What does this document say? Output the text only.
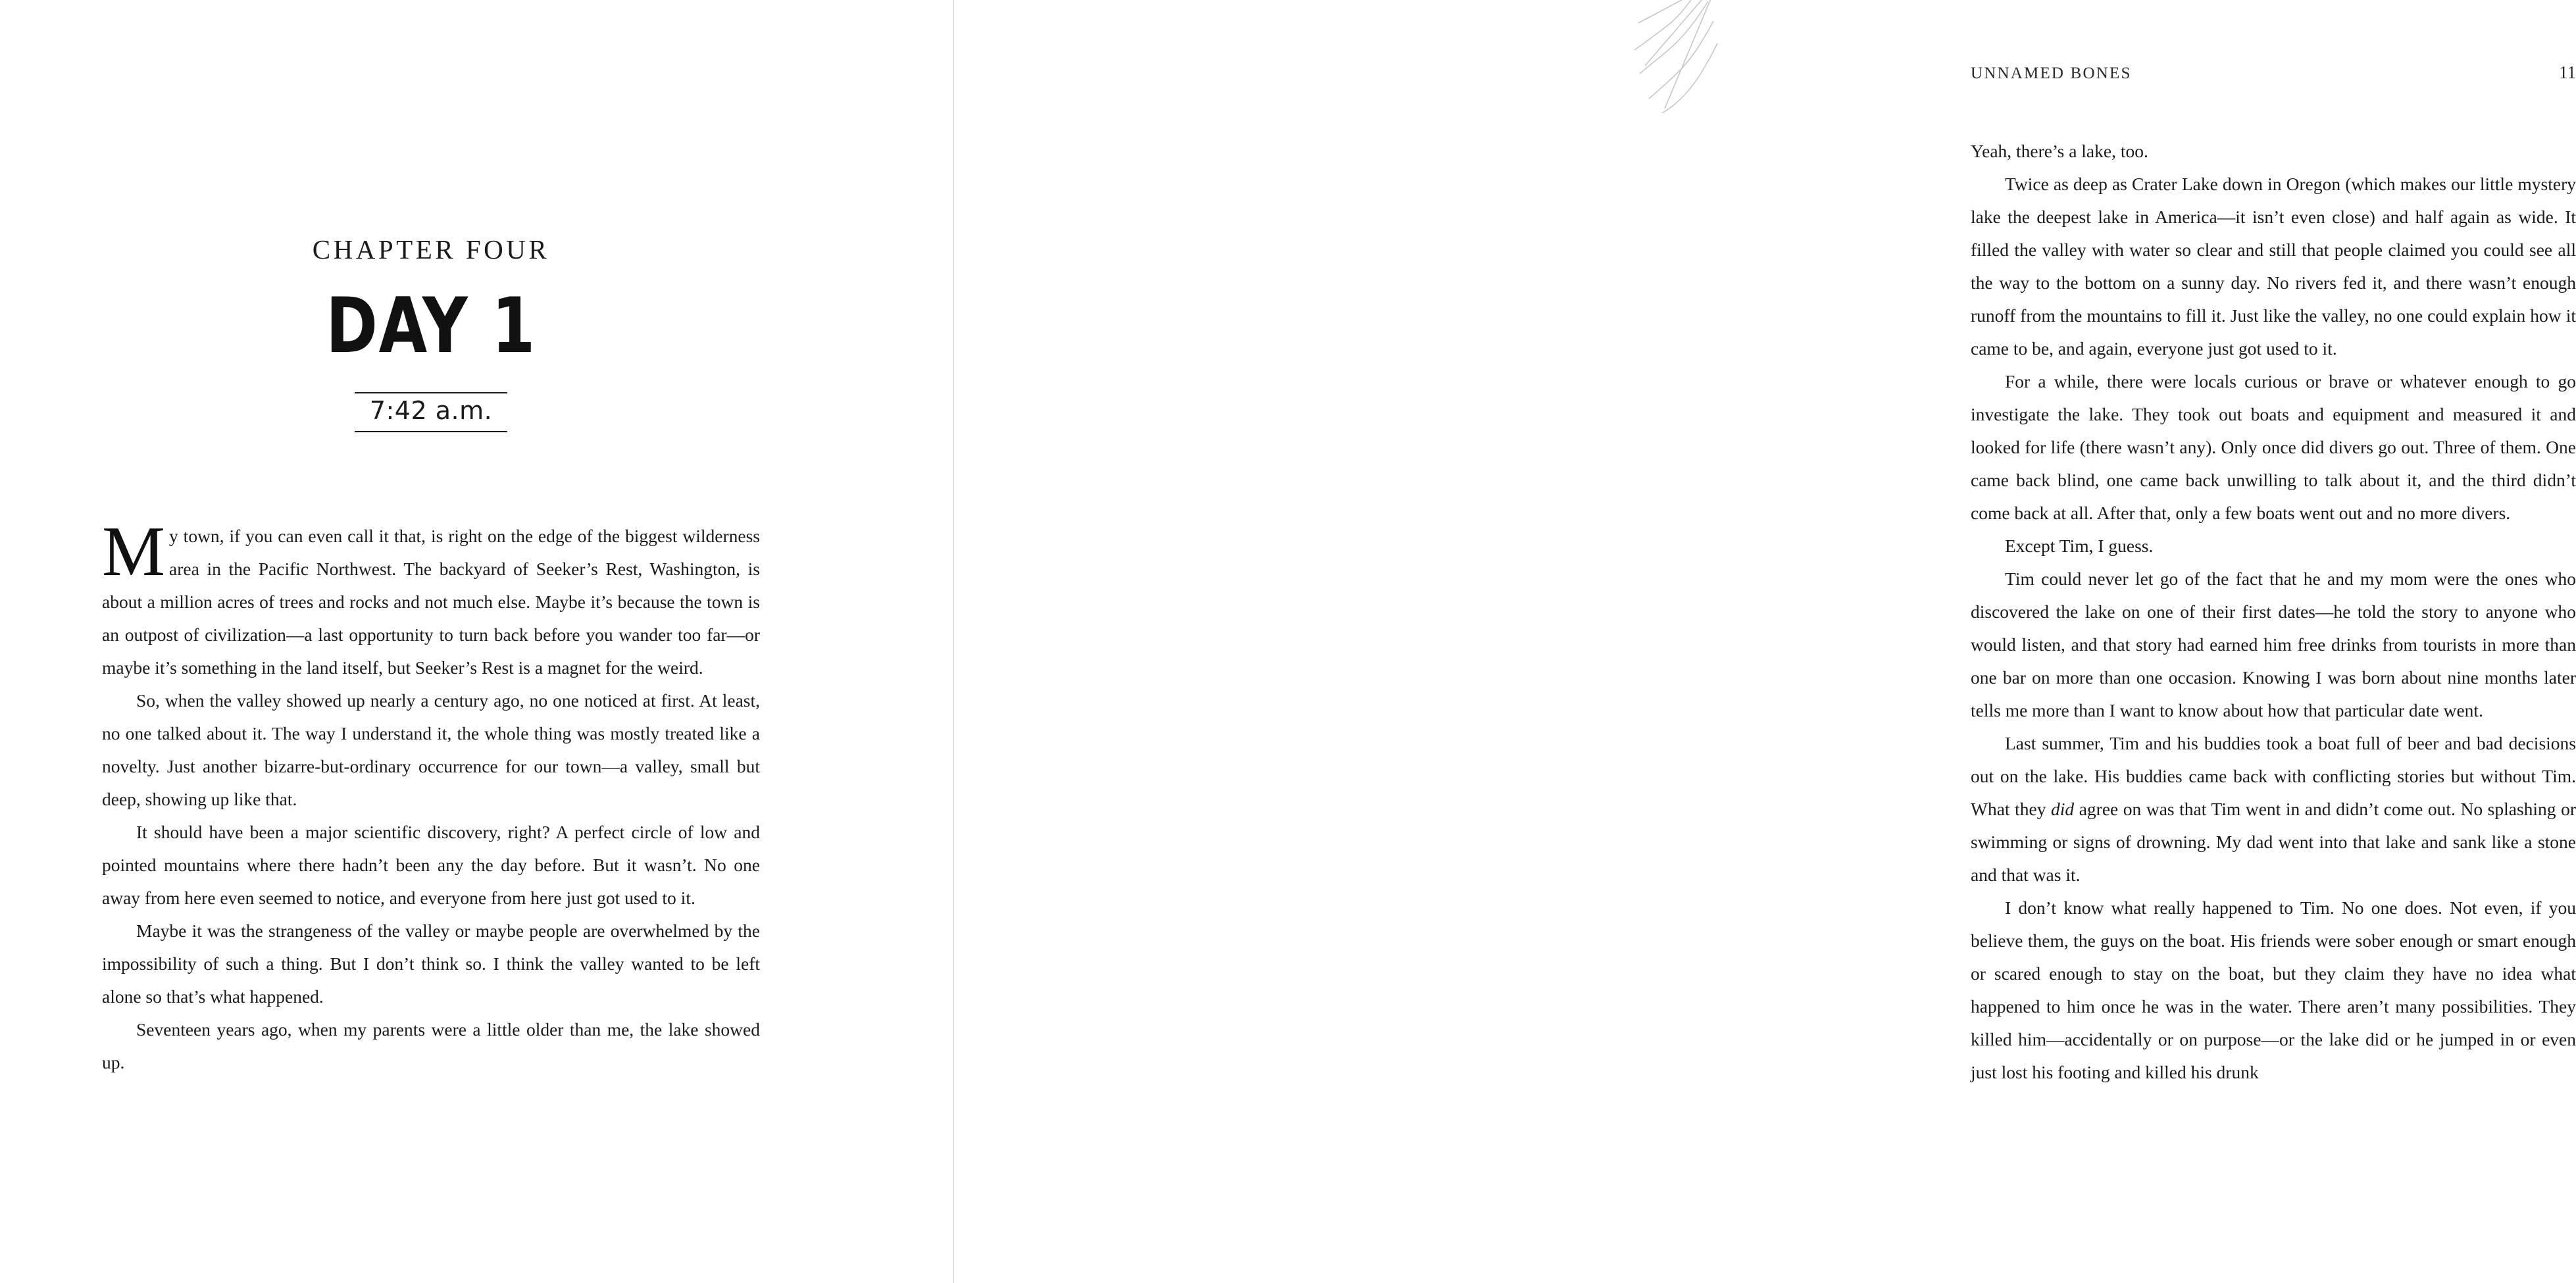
CHAPTER FOUR
DAY 1
7:42 a.m.

My town, if you can even call it that, is right on the edge of the biggest wilderness area in the Pacific Northwest. The backyard of Seeker’s Rest, Washington, is about a million acres of trees and rocks and not much else. Maybe it’s because the town is an outpost of civilization—a last opportunity to turn back before you wander too far—or maybe it’s something in the land itself, but Seeker’s Rest is a magnet for the weird.

So, when the valley showed up nearly a century ago, no one noticed at first. At least, no one talked about it. The way I understand it, the whole thing was mostly treated like a novelty. Just another bizarre-but-ordinary occurrence for our town—a valley, small but deep, showing up like that.

It should have been a major scientific discovery, right? A perfect circle of low and pointed mountains where there hadn’t been any the day before. But it wasn’t. No one away from here even seemed to notice, and everyone from here just got used to it.

Maybe it was the strangeness of the valley or maybe people are overwhelmed by the impossibility of such a thing. But I don’t think so. I think the valley wanted to be left alone so that’s what happened.

Seventeen years ago, when my parents were a little older than me, the lake showed up.

UNNAMED BONES	11

Yeah, there’s a lake, too.

Twice as deep as Crater Lake down in Oregon (which makes our little mystery lake the deepest lake in America—it isn’t even close) and half again as wide. It filled the valley with water so clear and still that people claimed you could see all the way to the bottom on a sunny day. No rivers fed it, and there wasn’t enough runoff from the mountains to fill it. Just like the valley, no one could explain how it came to be, and again, everyone just got used to it.

For a while, there were locals curious or brave or whatever enough to go investigate the lake. They took out boats and equipment and measured it and looked for life (there wasn’t any). Only once did divers go out. Three of them. One came back blind, one came back unwilling to talk about it, and the third didn’t come back at all. After that, only a few boats went out and no more divers.

Except Tim, I guess.

Tim could never let go of the fact that he and my mom were the ones who discovered the lake on one of their first dates—he told the story to anyone who would listen, and that story had earned him free drinks from tourists in more than one bar on more than one occasion. Knowing I was born about nine months later tells me more than I want to know about how that particular date went.

Last summer, Tim and his buddies took a boat full of beer and bad decisions out on the lake. His buddies came back with conflicting stories but without Tim. What they did agree on was that Tim went in and didn’t come out. No splashing or swimming or signs of drowning. My dad went into that lake and sank like a stone and that was it.

I don’t know what really happened to Tim. No one does. Not even, if you believe them, the guys on the boat. His friends were sober enough or smart enough or scared enough to stay on the boat, but they claim they have no idea what happened to him once he was in the water. There aren’t many possibilities. They killed him—accidentally or on purpose—or the lake did or he jumped in or even just lost his footing and killed his drunk
